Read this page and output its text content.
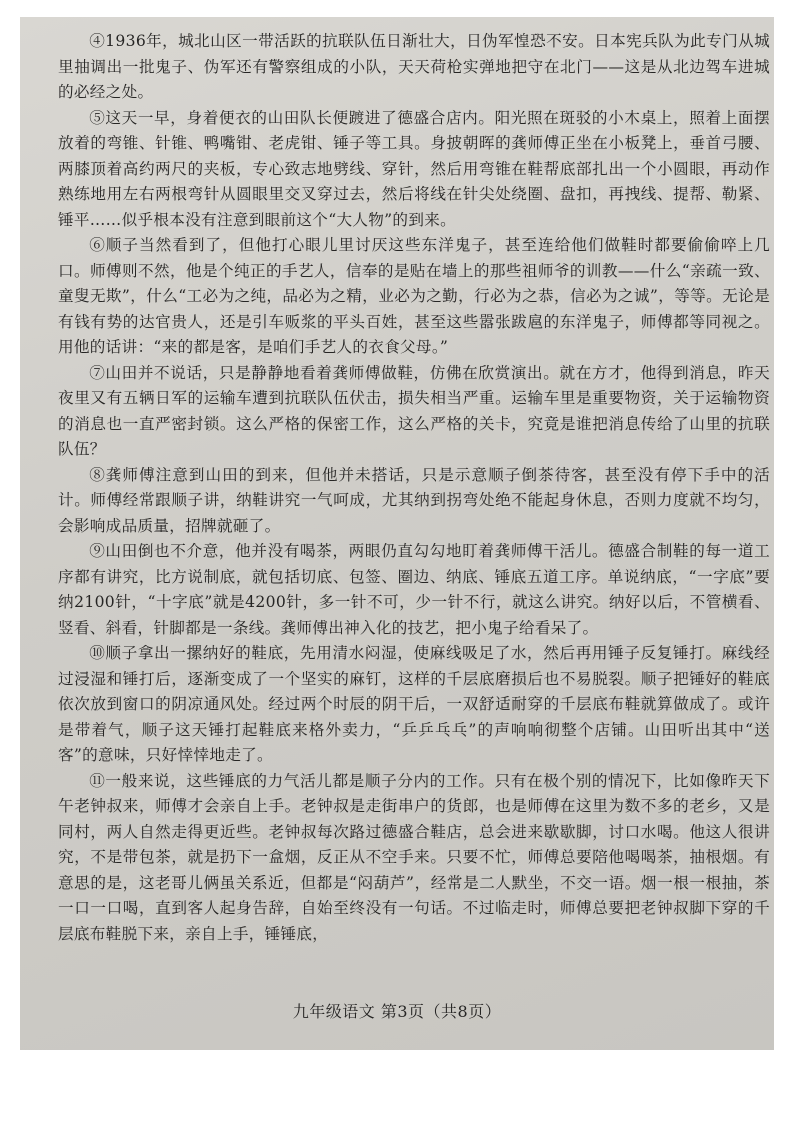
④1936年，城北山区一带活跃的抗联队伍日渐壮大，日伪军惶恐不安。日本宪兵队为此专门从城里抽调出一批鬼子、伪军还有警察组成的小队，天天荷枪实弹地把守在北门——这是从北边驾车进城的必经之处。

⑤这天一早，身着便衣的山田队长便踱进了德盛合店内。阳光照在斑驳的小木桌上，照着上面摆放着的弯锥、针锥、鸭嘴钳、老虎钳、锤子等工具。身披朝晖的龚师傅正坐在小板凳上，垂首弓腰、两膝顶着高约两尺的夹板，专心致志地劈线、穿针，然后用弯锥在鞋帮底部扎出一个小圆眼，再动作熟练地用左右两根弯针从圆眼里交叉穿过去，然后将线在针尖处绕圈、盘扣，再拽线、提帮、勒紧、锤平……似乎根本没有注意到眼前这个“大人物”的到来。

⑥顺子当然看到了，但他打心眼儿里讨厌这些东洋鬼子，甚至连给他们做鞋时都要偷偷啐上几口。师傅则不然，他是个纯正的手艺人，信奉的是贴在墙上的那些祖师爷的训教——什么“亲疏一致、童叟无欺”，什么“工必为之纯，品必为之精，业必为之勤，行必为之恭，信必为之诚”，等等。无论是有钱有势的达官贵人，还是引车贩浆的平头百姓，甚至这些嚣张跋扈的东洋鬼子，师傅都等同视之。用他的话讲：“来的都是客，是咱们手艺人的衣食父母。”

⑦山田并不说话，只是静静地看着龚师傅做鞋，仿佛在欣赏演出。就在方才，他得到消息，昨天夜里又有五辆日军的运输车遭到抗联队伍伏击，损失相当严重。运输车里是重要物资，关于运输物资的消息也一直严密封锁。这么严格的保密工作，这么严格的关卡，究竟是谁把消息传给了山里的抗联队伍？

⑧龚师傅注意到山田的到来，但他并未搭话，只是示意顺子倒茶待客，甚至没有停下手中的活计。师傅经常跟顺子讲，纳鞋讲究一气呵成，尤其纳到拐弯处绝不能起身休息，否则力度就不均匀，会影响成品质量，招牌就砸了。

⑨山田倒也不介意，他并没有喝茶，两眼仍直勾勾地盯着龚师傅干活儿。德盛合制鞋的每一道工序都有讲究，比方说制底，就包括切底、包签、圈边、纳底、锤底五道工序。单说纳底，“一字底”要纳2100针，“十字底”就是4200针，多一针不可，少一针不行，就这么讲究。纳好以后，不管横看、竖看、斜看，针脚都是一条线。龚师傅出神入化的技艺，把小鬼子给看呆了。

⑩顺子拿出一摞纳好的鞋底，先用清水闷湿，使麻线吸足了水，然后再用锤子反复锤打。麻线经过浸湿和锤打后，逐渐变成了一个坚实的麻钉，这样的千层底磨损后也不易脱裂。顺子把锤好的鞋底依次放到窗口的阴凉通风处。经过两个时辰的阴干后，一双舒适耐穿的千层底布鞋就算做成了。或许是带着气，顺子这天锤打起鞋底来格外卖力，“乒乒乓乓”的声响响彻整个店铺。山田听出其中“送客”的意味，只好悻悻地走了。

⑪一般来说，这些锤底的力气活儿都是顺子分内的工作。只有在极个别的情况下，比如像昨天下午老钟叔来，师傅才会亲自上手。老钟叔是走街串户的货郎，也是师傅在这里为数不多的老乡，又是同村，两人自然走得更近些。老钟叔每次路过德盛合鞋店，总会进来歇歇脚，讨口水喝。他这人很讲究，不是带包茶，就是扔下一盒烟，反正从不空手来。只要不忙，师傅总要陪他喝喝茶，抽根烟。有意思的是，这老哥儿俩虽关系近，但都是“闷葫芦”，经常是二人默坐，不交一语。烟一根一根抽，茶一口一口喝，直到客人起身告辞，自始至终没有一句话。不过临走时，师傅总要把老钟叔脚下穿的千层底布鞋脱下来，亲自上手，锤锤底，

九年级语文 第3页（共8页）
